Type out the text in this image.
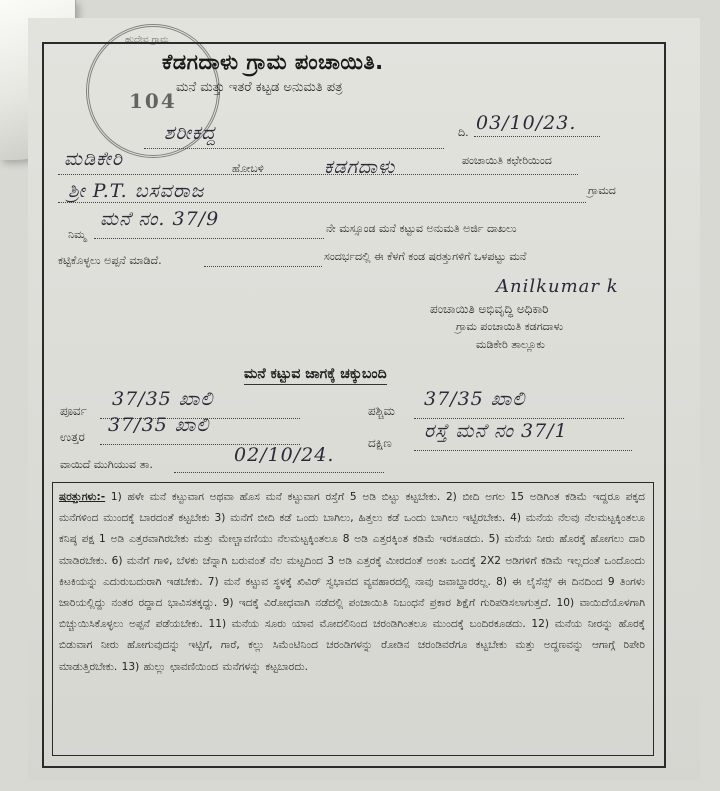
ಹುದೇವ ಗ್ರಾಮ
104
ಕೆಡಗದಾಳು ಗ್ರಾಮ ಪಂಚಾಯಿತಿ.
ಮನೆ ಮತ್ತು ಇತರೆ ಕಟ್ಟಡ ಅನುಮತಿ ಪತ್ರ
ದಿ. 03/10/23.
ಶರೀಕದ್ದ
ಮಡಿಕೇರಿ	ಹೋಬಳಿ	ಕಡಗದಾಳು	ಪಂಚಾಯಿತಿ ಕಛೇರಿಯಿಂದ
ಶ್ರೀ P.T. ಬಸವರಾಜ	ಗ್ರಾಮದ
ನಿಮ್ಮ
ಮನೆ ನಂ. 37/9	ನೇ ಮಸ್ಸೂಂಡ ಮನೆ ಕಟ್ಟುವ ಅನುಮತಿ ಅರ್ಜಿ ದಾಖಲು
ಕಟ್ಟಿಕೊಳ್ಳಲು ಅಪ್ಪನೆ ಮಾಡಿದೆ.	ಸಂದರ್ಭದಲ್ಲಿ ಈ ಕೆಳಗೆ ಕಂಡ ಷರತ್ತುಗಳಿಗೆ ಒಳಪಟ್ಟು ಮನೆ
Anilkumar k
ಪಂಚಾಯಿತಿ ಅಭಿವೃದ್ಧಿ ಅಧಿಕಾರಿ
ಗ್ರಾಮ ಪಂಚಾಯಿತಿ ಕಡಗದಾಳು
ಮಡಿಕೇರಿ ತಾಲ್ಲೂಕು
ಮನೆ ಕಟ್ಟುವ ಜಾಗಕ್ಕೆ ಚಕ್ಕುಬಂದಿ
ಪೂರ್ವ
37/35 ಖಾಲಿ
ಪಶ್ಚಿಮ
37/35 ಖಾಲಿ
ಉತ್ತರ
37/35 ಖಾಲಿ
ದಕ್ಷಿಣ
ರಸ್ತೆ ಮನೆ ನಂ 37/1
ವಾಯಿದೆ ಮುಗಿಯುವ ತಾ.	02/10/24.
ಷರತ್ತುಗಳು:- 1) ಹಳೇ ಮನೆ ಕಟ್ಟುವಾಗ ಅಥವಾ ಹೊಸ ಮನೆ ಕಟ್ಟುವಾಗ ರಸ್ತೆಗೆ 5 ಅಡಿ ಬಿಟ್ಟು ಕಟ್ಟಬೇಕು. 2) ಬೀದಿ ಅಗಲ 15 ಅಡಿಗಿಂತ ಕಡಿಮೆ ಇದ್ದರೂ ಪಕ್ಕದ ಮನೆಗಳಿಂದ ಮುಂದಕ್ಕೆ ಬಾರದಂತೆ ಕಟ್ಟಬೇಕು 3) ಮನೆಗೆ ಬೀದಿ ಕಡೆ ಒಂದು ಬಾಗಿಲು, ಹಿತ್ತಲು ಕಡೆ ಒಂದು ಬಾಗಿಲು ಇಟ್ಟಿರಬೇಕು. 4) ಮನೆಯ ನೆಲವು ನೆಲಮಟ್ಟಕ್ಕಿಂತಲೂ ಕನಿಷ್ಠ ಪಕ್ಷ 1 ಅಡಿ ಎತ್ತರವಾಗಿರಬೇಕು ಮತ್ತು ಮೇಲ್ಚಾವಣಿಯು ನೆಲಮಟ್ಟಕ್ಕಿಂತಲೂ 8 ಅಡಿ ಎತ್ತರಕ್ಕಿಂತ ಕಡಿಮೆ ಇರಕೂಡದು. 5) ಮನೆಯ ನೀರು ಹೊರಕ್ಕೆ ಹೋಗಲು ದಾರಿ ಮಾಡಿರಬೇಕು. 6) ಮನೆಗೆ ಗಾಳಿ, ಬೆಳಕು ಚೆನ್ನಾಗಿ ಬರುವಂತೆ ನೆಲ ಮಟ್ಟದಿಂದ 3 ಅಡಿ ಎತ್ತರಕ್ಕೆ ಮೀರದಂತೆ ಅಂತಃ ಒಂದಕ್ಕೆ 2X2 ಅಡಿಗಳಿಗೆ ಕಡಿಮೆ ಇಲ್ಲದಂತೆ ಒಂದೊಂದು ಕಿಟಕಿಯನ್ನು ಎದುರುಬದುರಾಗಿ ಇಡಬೇಕು. 7) ಮನೆ ಕಟ್ಟುವ ಸ್ಥಳಕ್ಕೆ ಖಿವಿರ್ ಸ್ವಭಾವದ ವ್ಯವಹಾರದಲ್ಲಿ ನಾವು ಜವಾಬ್ದಾರರಲ್ಲ. 8) ಈ ಲೈಸೆನ್ಸ್ ಈ ದಿನದಿಂದ 9 ತಿಂಗಳು ಜಾರಿಯಲ್ಲಿದ್ದು ನಂತರ ರದ್ದಾದ ಭಾವಿಸತಕ್ಕದ್ದು. 9) ಇದಕ್ಕೆ ವಿರೋಧವಾಗಿ ನಡೆದಲ್ಲಿ ಪಂಚಾಯಿತಿ ನಿಬಂಧನೆ ಪ್ರಕಾರ ಶಿಕ್ಷೆಗೆ ಗುರಿಪಡಿಸಲಾಗುತ್ತದೆ. 10) ವಾಯಿದೆಯೊಳಗಾಗಿ ಬಿಚ್ಚುಯಿಸಿಕೊಳ್ಳಲು ಅಪ್ಪನೆ ಪಡೆಯಬೇಕು. 11) ಮನೆಯ ಸೂರು ಯಾವ ಮೋದಲಿನಿಂದ ಚರಂಡಿಗಿಂತಲೂ ಮುಂದಕ್ಕೆ ಬಂದಿರಕೂಡದು. 12) ಮನೆಯ ನೀರನ್ನು ಹೊರಕ್ಕೆ ಬಿಡುವಾಗ ನೀರು ಹೋಗುವುದನ್ನು ಇಟ್ಟಿಗೆ, ಗಾರೆ, ಕಲ್ಲು ಸಿಮೆಂಟಿನಿಂದ ಚರಂಡಿಗಳನ್ನು ರೋಡಿನ ಚರಂಡಿವರೆಗೂ ಕಟ್ಟಬೇಕು ಮತ್ತು ಅದ್ದಣವನ್ನು ಆಗಾಗ್ಗೆ ರಿಪೇರಿ ಮಾಡುತ್ತಿರಬೇಕು. 13) ಹುಲ್ಲು ಛಾವಣಿಯಿಂದ ಮನೆಗಳನ್ನು ಕಟ್ಟಬಾರದು.
